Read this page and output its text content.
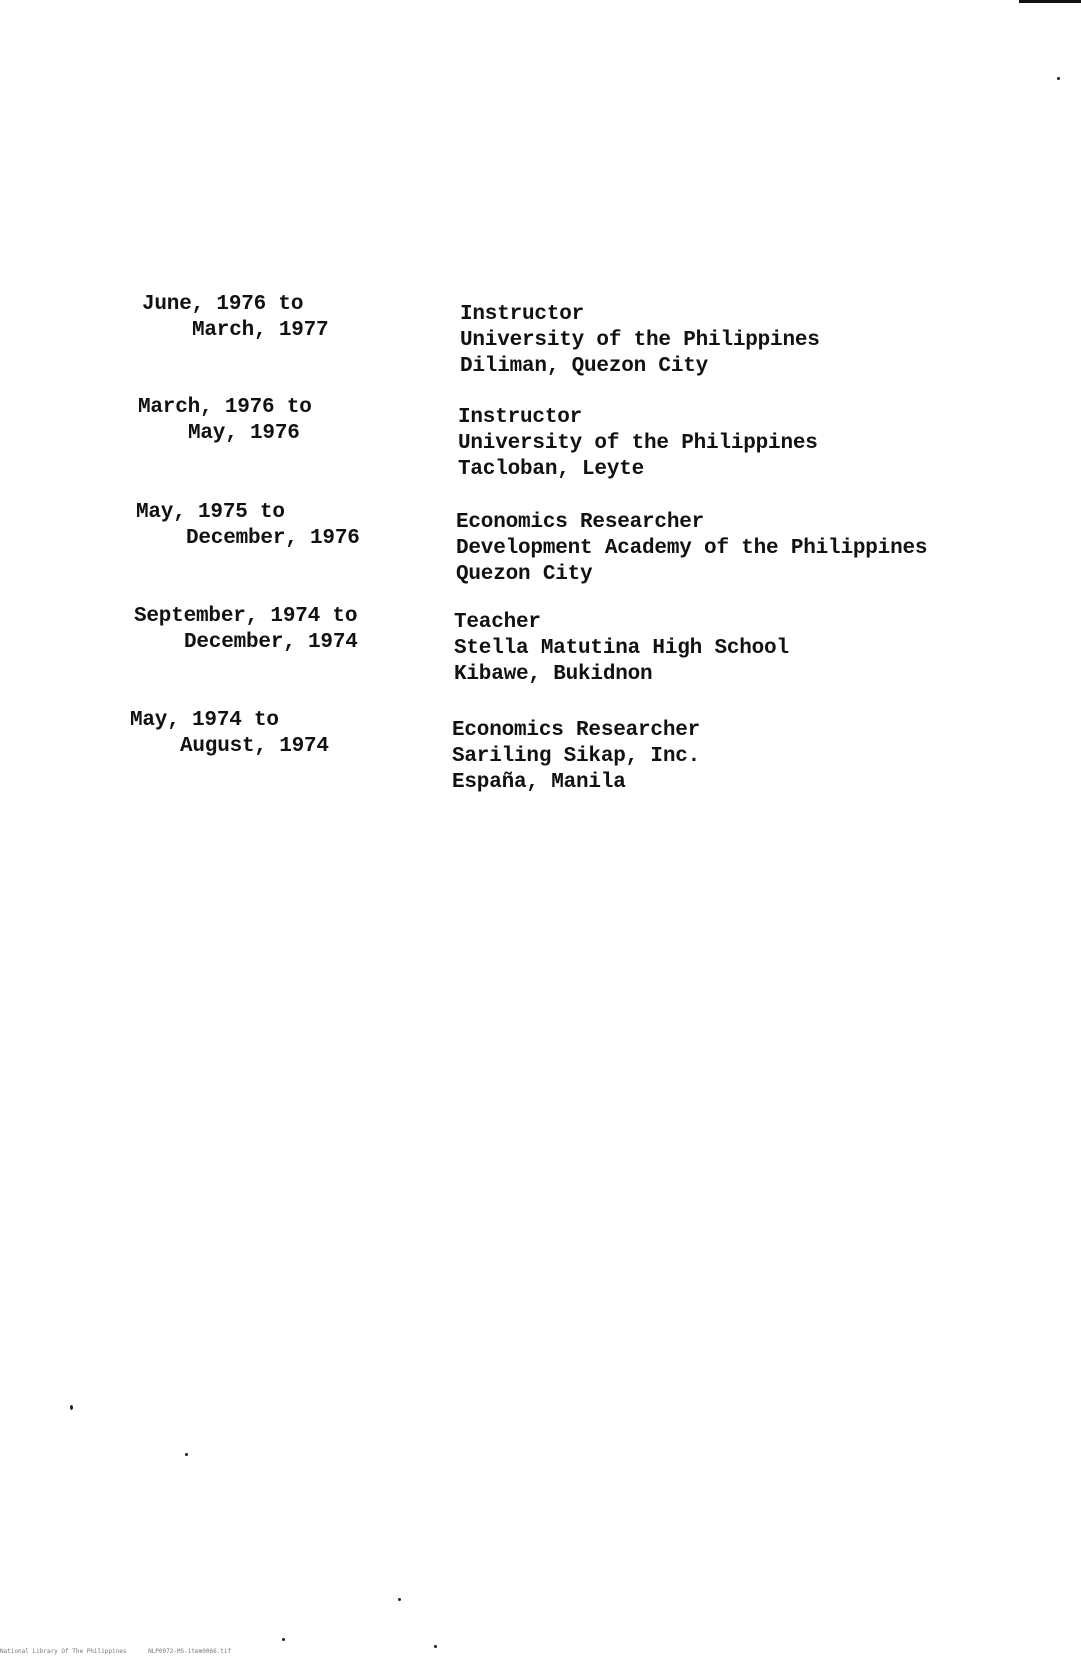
June, 1976 to
March, 1977
Instructor
University of the Philippines
Diliman, Quezon City
March, 1976 to
May, 1976
Instructor
University of the Philippines
Tacloban, Leyte
May, 1975 to
December, 1976
Economics Researcher
Development Academy of the Philippines
Quezon City
September, 1974 to
December, 1974
Teacher
Stella Matutina High School
Kibawe, Bukidnon
May, 1974 to
August, 1974
Economics Researcher
Sariling Sikap, Inc.
España, Manila
National Library Of The Philippines	NLP0072-MS-item0066.tif
